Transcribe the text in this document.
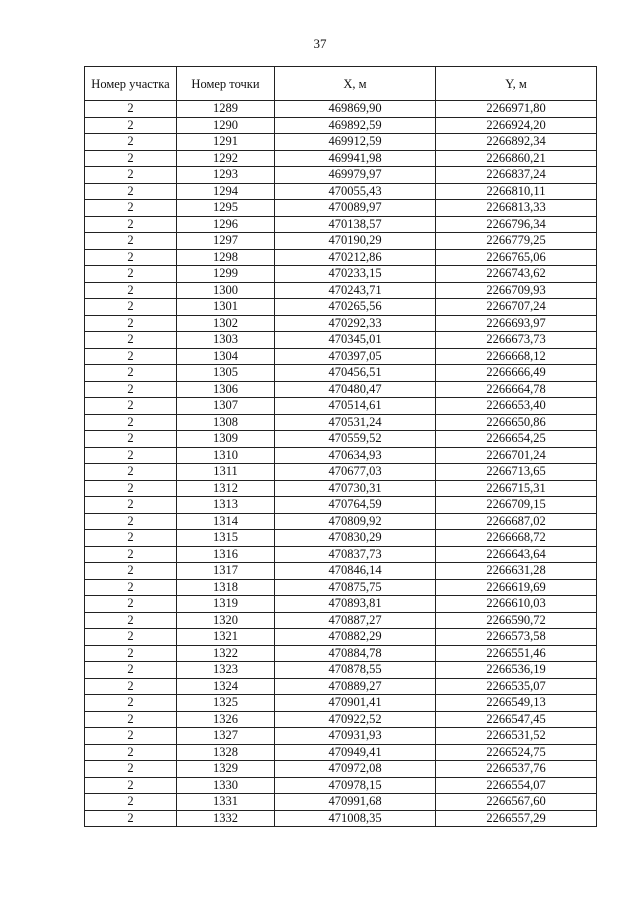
37
Номер участка	Номер точки	X, м	Y, м
2	1289	469869,90	2266971,80
2	1290	469892,59	2266924,20
2	1291	469912,59	2266892,34
2	1292	469941,98	2266860,21
2	1293	469979,97	2266837,24
2	1294	470055,43	2266810,11
2	1295	470089,97	2266813,33
2	1296	470138,57	2266796,34
2	1297	470190,29	2266779,25
2	1298	470212,86	2266765,06
2	1299	470233,15	2266743,62
2	1300	470243,71	2266709,93
2	1301	470265,56	2266707,24
2	1302	470292,33	2266693,97
2	1303	470345,01	2266673,73
2	1304	470397,05	2266668,12
2	1305	470456,51	2266666,49
2	1306	470480,47	2266664,78
2	1307	470514,61	2266653,40
2	1308	470531,24	2266650,86
2	1309	470559,52	2266654,25
2	1310	470634,93	2266701,24
2	1311	470677,03	2266713,65
2	1312	470730,31	2266715,31
2	1313	470764,59	2266709,15
2	1314	470809,92	2266687,02
2	1315	470830,29	2266668,72
2	1316	470837,73	2266643,64
2	1317	470846,14	2266631,28
2	1318	470875,75	2266619,69
2	1319	470893,81	2266610,03
2	1320	470887,27	2266590,72
2	1321	470882,29	2266573,58
2	1322	470884,78	2266551,46
2	1323	470878,55	2266536,19
2	1324	470889,27	2266535,07
2	1325	470901,41	2266549,13
2	1326	470922,52	2266547,45
2	1327	470931,93	2266531,52
2	1328	470949,41	2266524,75
2	1329	470972,08	2266537,76
2	1330	470978,15	2266554,07
2	1331	470991,68	2266567,60
2	1332	471008,35	2266557,29
